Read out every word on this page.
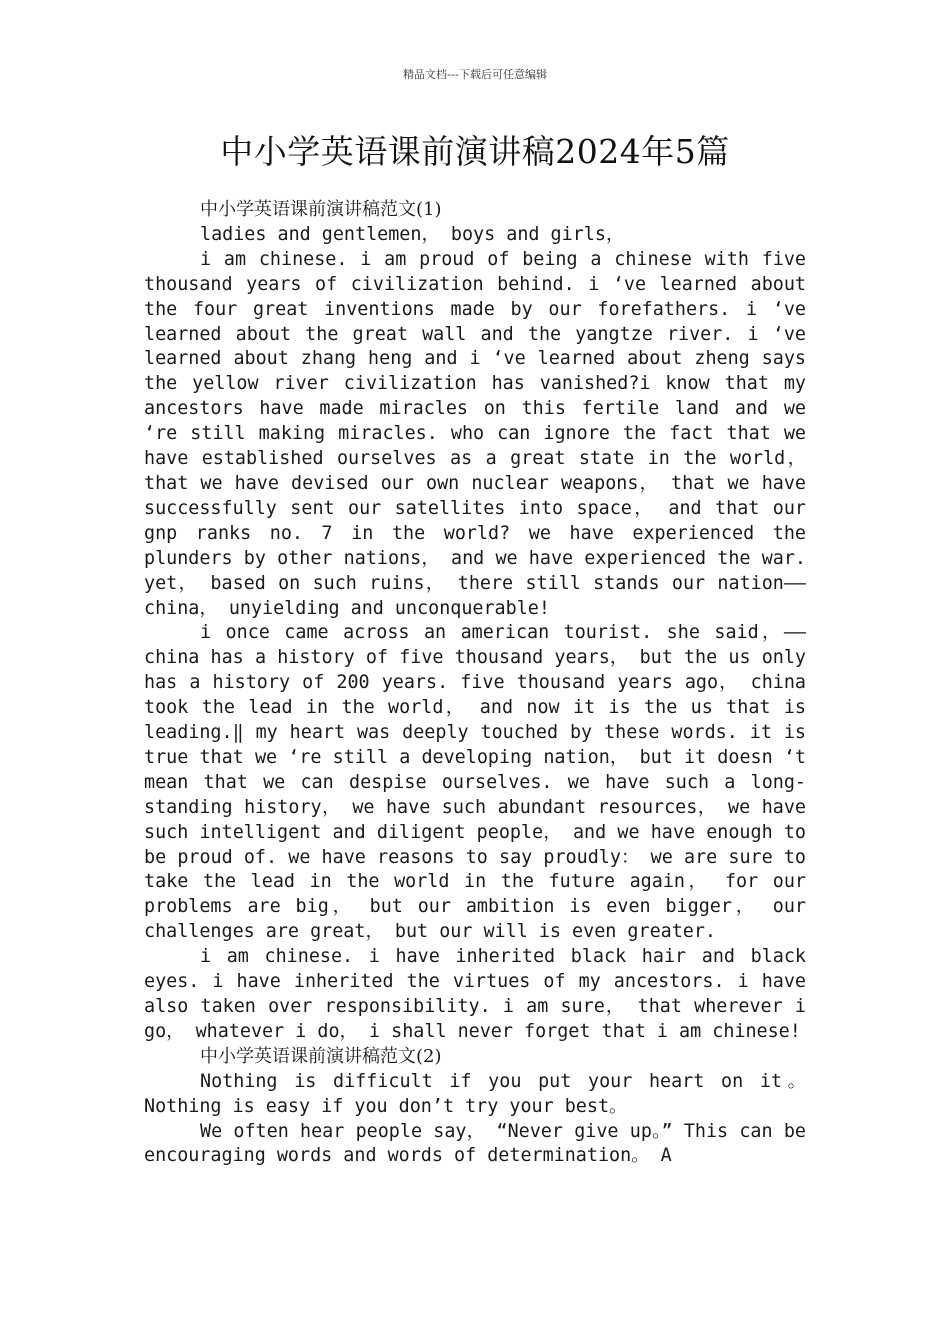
精品文档---下载后可任意编辑
中小学英语课前演讲稿2024年5篇

中小学英语课前演讲稿范文(1)

ladies and gentlemen， boys and girls，

i am chinese. i am proud of being a chinese with five thousand years of civilization behind. i ‘ve learned about the four great inventions made by our forefathers. i ‘ve learned about the great wall and the yangtze river. i ‘ve learned about zhang heng and i ‘ve learned about zheng says the yellow river civilization has vanished?i know that my ancestors have made miracles on this fertile land and we ‘re still making miracles. who can ignore the fact that we have established ourselves as a great state in the world， that we have devised our own nuclear weapons， that we have successfully sent our satellites into space， and that our gnp ranks no. 7 in the world? we have experienced the plunders by other nations， and we have experienced the war. yet， based on such ruins， there still stands our nation——china， unyielding and unconquerable!

i once came across an american tourist. she said，——china has a history of five thousand years， but the us only has a history of 200 years. five thousand years ago， china took the lead in the world， and now it is the us that is leading.‖ my heart was deeply touched by these words. it is true that we ‘re still a developing nation， but it doesn ‘t mean that we can despise ourselves. we have such a long-standing history， we have such abundant resources， we have such intelligent and diligent people， and we have enough to be proud of. we have reasons to say proudly： we are sure to take the lead in the world in the future again， for our problems are big， but our ambition is even bigger， our challenges are great， but our will is even greater.

i am chinese. i have inherited black hair and black eyes. i have inherited the virtues of my ancestors. i have also taken over responsibility. i am sure， that wherever i go， whatever i do， i shall never forget that i am chinese!

中小学英语课前演讲稿范文(2)

Nothing is difficult if you put your heart on it。 Nothing is easy if you don’t try your best。

We often hear people say， “Never give up。” This can be encouraging words and words of determination。 A
